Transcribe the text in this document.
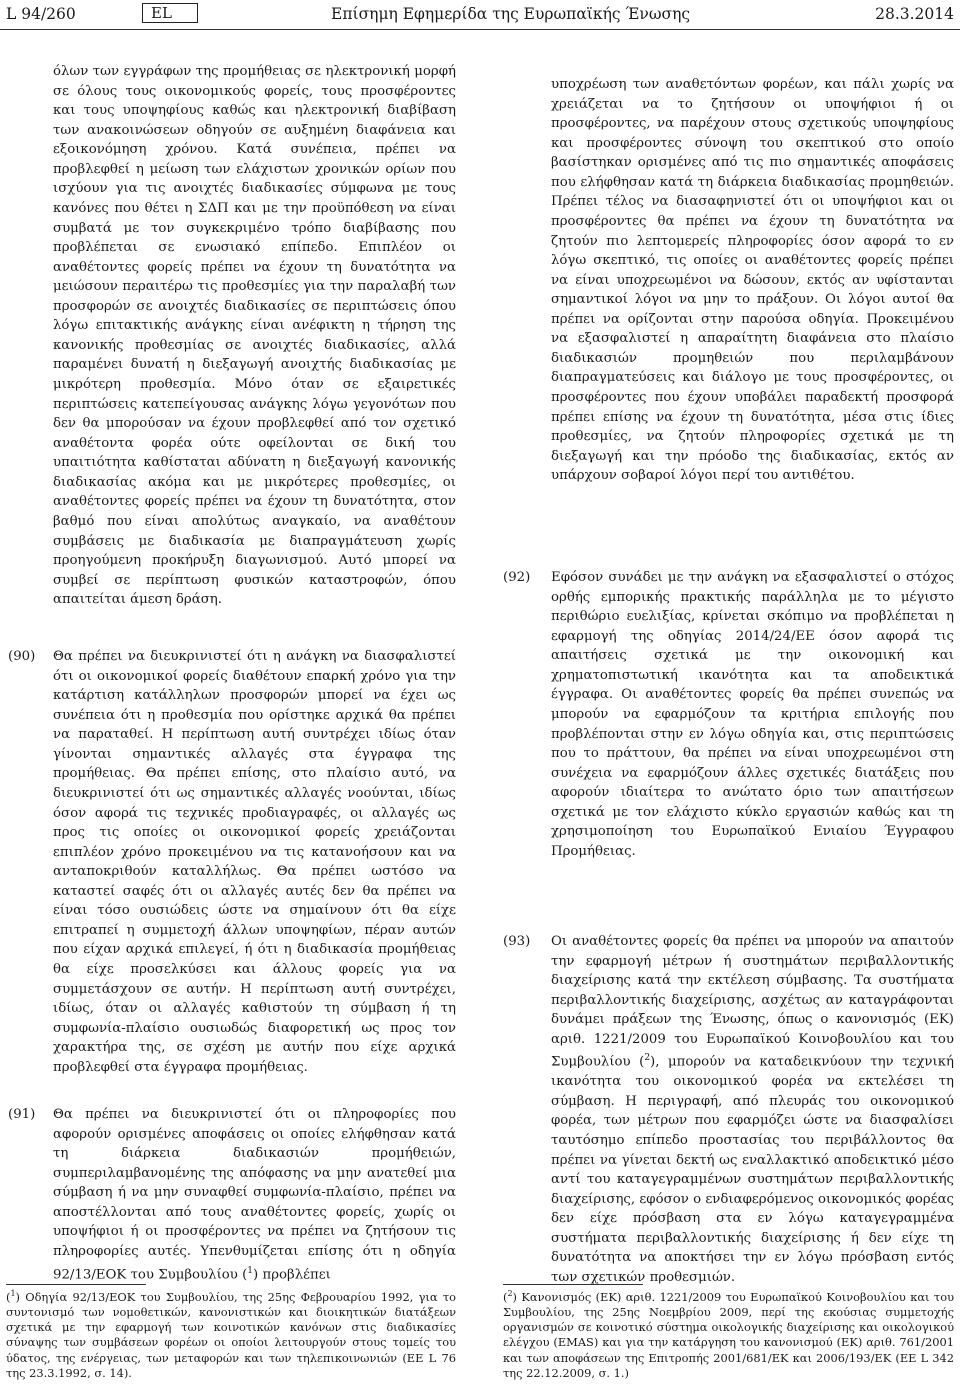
L 94/260	EL	Επίσημη Εφημερίδα της Ευρωπαϊκής Ένωσης	28.3.2014

όλων των εγγράφων της προμήθειας σε ηλεκτρονική μορφή σε όλους τους οικονομικούς φορείς, τους προσφέροντες και τους υποψηφίους καθώς και ηλεκτρονική διαβίβαση των ανακοινώσεων οδηγούν σε αυξημένη διαφάνεια και εξοικονόμηση χρόνου. Κατά συνέπεια, πρέπει να προβλεφθεί η μείωση των ελάχιστων χρονικών ορίων που ισχύουν για τις ανοιχτές διαδικασίες σύμφωνα με τους κανόνες που θέτει η ΣΔΠ και με την προϋπόθεση να είναι συμβατά με τον συγκεκριμένο τρόπο διαβίβασης που προβλέπεται σε ενωσιακό επίπεδο. Επιπλέον οι αναθέτοντες φορείς πρέπει να έχουν τη δυνατότητα να μειώσουν περαιτέρω τις προθεσμίες για την παραλαβή των προσφορών σε ανοιχτές διαδικασίες σε περιπτώσεις όπου λόγω επιτακτικής ανάγκης είναι ανέφικτη η τήρηση της κανονικής προθεσμίας σε ανοιχτές διαδικασίες, αλλά παραμένει δυνατή η διεξαγωγή ανοιχτής διαδικασίας με μικρότερη προθεσμία. Μόνο όταν σε εξαιρετικές περιπτώσεις κατεπείγουσας ανάγκης λόγω γεγονότων που δεν θα μπορούσαν να έχουν προβλεφθεί από τον σχετικό αναθέτοντα φορέα ούτε οφείλονται σε δική του υπαιτιότητα καθίσταται αδύνατη η διεξαγωγή κανονικής διαδικασίας ακόμα και με μικρότερες προθεσμίες, οι αναθέτοντες φορείς πρέπει να έχουν τη δυνατότητα, στον βαθμό που είναι απολύτως αναγκαίο, να αναθέτουν συμβάσεις με διαδικασία με διαπραγμάτευση χωρίς προηγούμενη προκήρυξη διαγωνισμού. Αυτό μπορεί να συμβεί σε περίπτωση φυσικών καταστροφών, όπου απαιτείται άμεση δράση.

(90) Θα πρέπει να διευκρινιστεί ότι η ανάγκη να διασφαλιστεί ότι οι οικονομικοί φορείς διαθέτουν επαρκή χρόνο για την κατάρτιση κατάλληλων προσφορών μπορεί να έχει ως συνέπεια ότι η προθεσμία που ορίστηκε αρχικά θα πρέπει να παραταθεί. Η περίπτωση αυτή συντρέχει ιδίως όταν γίνονται σημαντικές αλλαγές στα έγγραφα της προμήθειας. Θα πρέπει επίσης, στο πλαίσιο αυτό, να διευκρινιστεί ότι ως σημαντικές αλλαγές νοούνται, ιδίως όσον αφορά τις τεχνικές προδιαγραφές, οι αλλαγές ως προς τις οποίες οι οικονομικοί φορείς χρειάζονται επιπλέον χρόνο προκειμένου να τις κατανοήσουν και να ανταποκριθούν καταλλήλως. Θα πρέπει ωστόσο να καταστεί σαφές ότι οι αλλαγές αυτές δεν θα πρέπει να είναι τόσο ουσιώδεις ώστε να σημαίνουν ότι θα είχε επιτραπεί η συμμετοχή άλλων υποψηφίων, πέραν αυτών που είχαν αρχικά επιλεγεί, ή ότι η διαδικασία προμήθειας θα είχε προσελκύσει και άλλους φορείς για να συμμετάσχουν σε αυτήν. Η περίπτωση αυτή συντρέχει, ιδίως, όταν οι αλλαγές καθιστούν τη σύμβαση ή τη συμφωνία-πλαίσιο ουσιωδώς διαφορετική ως προς τον χαρακτήρα της, σε σχέση με αυτήν που είχε αρχικά προβλεφθεί στα έγγραφα προμήθειας.

(91) Θα πρέπει να διευκρινιστεί ότι οι πληροφορίες που αφορούν ορισμένες αποφάσεις οι οποίες ελήφθησαν κατά τη διάρκεια διαδικασιών προμήθειών, συμπεριλαμβανομένης της απόφασης να μην ανατεθεί μια σύμβαση ή να μην συναφθεί συμφωνία-πλαίσιο, πρέπει να αποστέλλονται από τους αναθέτοντες φορείς, χωρίς οι υποψήφιοι ή οι προσφέροντες να πρέπει να ζητήσουν τις πληροφορίες αυτές. Υπενθυμίζεται επίσης ότι η οδηγία 92/13/ΕΟΚ του Συμβουλίου ($^1$) προβλέπει

υποχρέωση των αναθετόντων φορέων, και πάλι χωρίς να χρειάζεται να το ζητήσουν οι υποψήφιοι ή οι προσφέροντες, να παρέχουν στους σχετικούς υποψηφίους και προσφέροντες σύνοψη του σκεπτικού στο οποίο βασίστηκαν ορισμένες από τις πιο σημαντικές αποφάσεις που ελήφθησαν κατά τη διάρκεια διαδικασίας προμηθειών. Πρέπει τέλος να διασαφηνιστεί ότι οι υποψήφιοι και οι προσφέροντες θα πρέπει να έχουν τη δυνατότητα να ζητούν πιο λεπτομερείς πληροφορίες όσον αφορά το εν λόγω σκεπτικό, τις οποίες οι αναθέτοντες φορείς πρέπει να είναι υποχρεωμένοι να δώσουν, εκτός αν υφίστανται σημαντικοί λόγοι να μην το πράξουν. Οι λόγοι αυτοί θα πρέπει να ορίζονται στην παρούσα οδηγία. Προκειμένου να εξασφαλιστεί η απαραίτητη διαφάνεια στο πλαίσιο διαδικασιών προμηθειών που περιλαμβάνουν διαπραγματεύσεις και διάλογο με τους προσφέροντες, οι προσφέροντες που έχουν υποβάλει παραδεκτή προσφορά πρέπει επίσης να έχουν τη δυνατότητα, μέσα στις ίδιες προθεσμίες, να ζητούν πληροφορίες σχετικά με τη διεξαγωγή και την πρόοδο της διαδικασίας, εκτός αν υπάρχουν σοβαροί λόγοι περί του αντιθέτου.

(92) Εφόσον συνάδει με την ανάγκη να εξασφαλιστεί ο στόχος ορθής εμπορικής πρακτικής παράλληλα με το μέγιστο περιθώριο ευελιξίας, κρίνεται σκόπιμο να προβλέπεται η εφαρμογή της οδηγίας 2014/24/ΕΕ όσον αφορά τις απαιτήσεις σχετικά με την οικονομική και χρηματοπιστωτική ικανότητα και τα αποδεικτικά έγγραφα. Οι αναθέτοντες φορείς θα πρέπει συνεπώς να μπορούν να εφαρμόζουν τα κριτήρια επιλογής που προβλέπονται στην εν λόγω οδηγία και, στις περιπτώσεις που το πράττουν, θα πρέπει να είναι υποχρεωμένοι στη συνέχεια να εφαρμόζουν άλλες σχετικές διατάξεις που αφορούν ιδιαίτερα το ανώτατο όριο των απαιτήσεων σχετικά με τον ελάχιστο κύκλο εργασιών καθώς και τη χρησιμοποίηση του Ευρωπαϊκού Ενιαίου Έγγραφου Προμήθειας.

(93) Οι αναθέτοντες φορείς θα πρέπει να μπορούν να απαιτούν την εφαρμογή μέτρων ή συστημάτων περιβαλλοντικής διαχείρισης κατά την εκτέλεση σύμβασης. Τα συστήματα περιβαλλοντικής διαχείρισης, ασχέτως αν καταγράφονται δυνάμει πράξεων της Ένωσης, όπως ο κανονισμός (ΕΚ) αριθ. 1221/2009 του Ευρωπαϊκού Κοινοβουλίου και του Συμβουλίου ($^2$), μπορούν να καταδεικνύουν την τεχνική ικανότητα του οικονομικού φορέα να εκτελέσει τη σύμβαση. Η περιγραφή, από πλευράς του οικονομικού φορέα, των μέτρων που εφαρμόζει ώστε να διασφαλίσει ταυτόσημο επίπεδο προστασίας του περιβάλλοντος θα πρέπει να γίνεται δεκτή ως εναλλακτικό αποδεικτικό μέσο αντί του καταγεγραμμένων συστημάτων περιβαλλοντικής διαχείρισης, εφόσον ο ενδιαφερόμενος οικονομικός φορέας δεν είχε πρόσβαση στα εν λόγω καταγεγραμμένα συστήματα περιβαλλοντικής διαχείρισης ή δεν είχε τη δυνατότητα να αποκτήσει την εν λόγω πρόσβαση εντός των σχετικών προθεσμιών.

($^1$) Οδηγία 92/13/ΕΟΚ του Συμβουλίου, της 25ης Φεβρουαρίου 1992, για το συντονισμό των νομοθετικών, κανονιστικών και διοικητικών διατάξεων σχετικά με την εφαρμογή των κοινοτικών κανόνων στις διαδικασίες σύναψης των συμβάσεων φορέων οι οποίοι λειτουργούν στους τομείς του ύδατος, της ενέργειας, των μεταφορών και των τηλεπικοινωνιών (ΕΕ L 76 της 23.3.1992, σ. 14).
($^2$) Κανονισμός (ΕΚ) αριθ. 1221/2009 του Ευρωπαϊκού Κοινοβουλίου και του Συμβουλίου, της 25ης Νοεμβρίου 2009, περί της εκούσιας συμμετοχής οργανισμών σε κοινοτικό σύστημα οικολογικής διαχείρισης και οικολογικού ελέγχου (EMAS) και για την κατάργηση του κανονισμού (ΕΚ) αριθ. 761/2001 και των αποφάσεων της Επιτροπής 2001/681/ΕΚ και 2006/193/ΕΚ (ΕΕ L 342 της 22.12.2009, σ. 1.)
